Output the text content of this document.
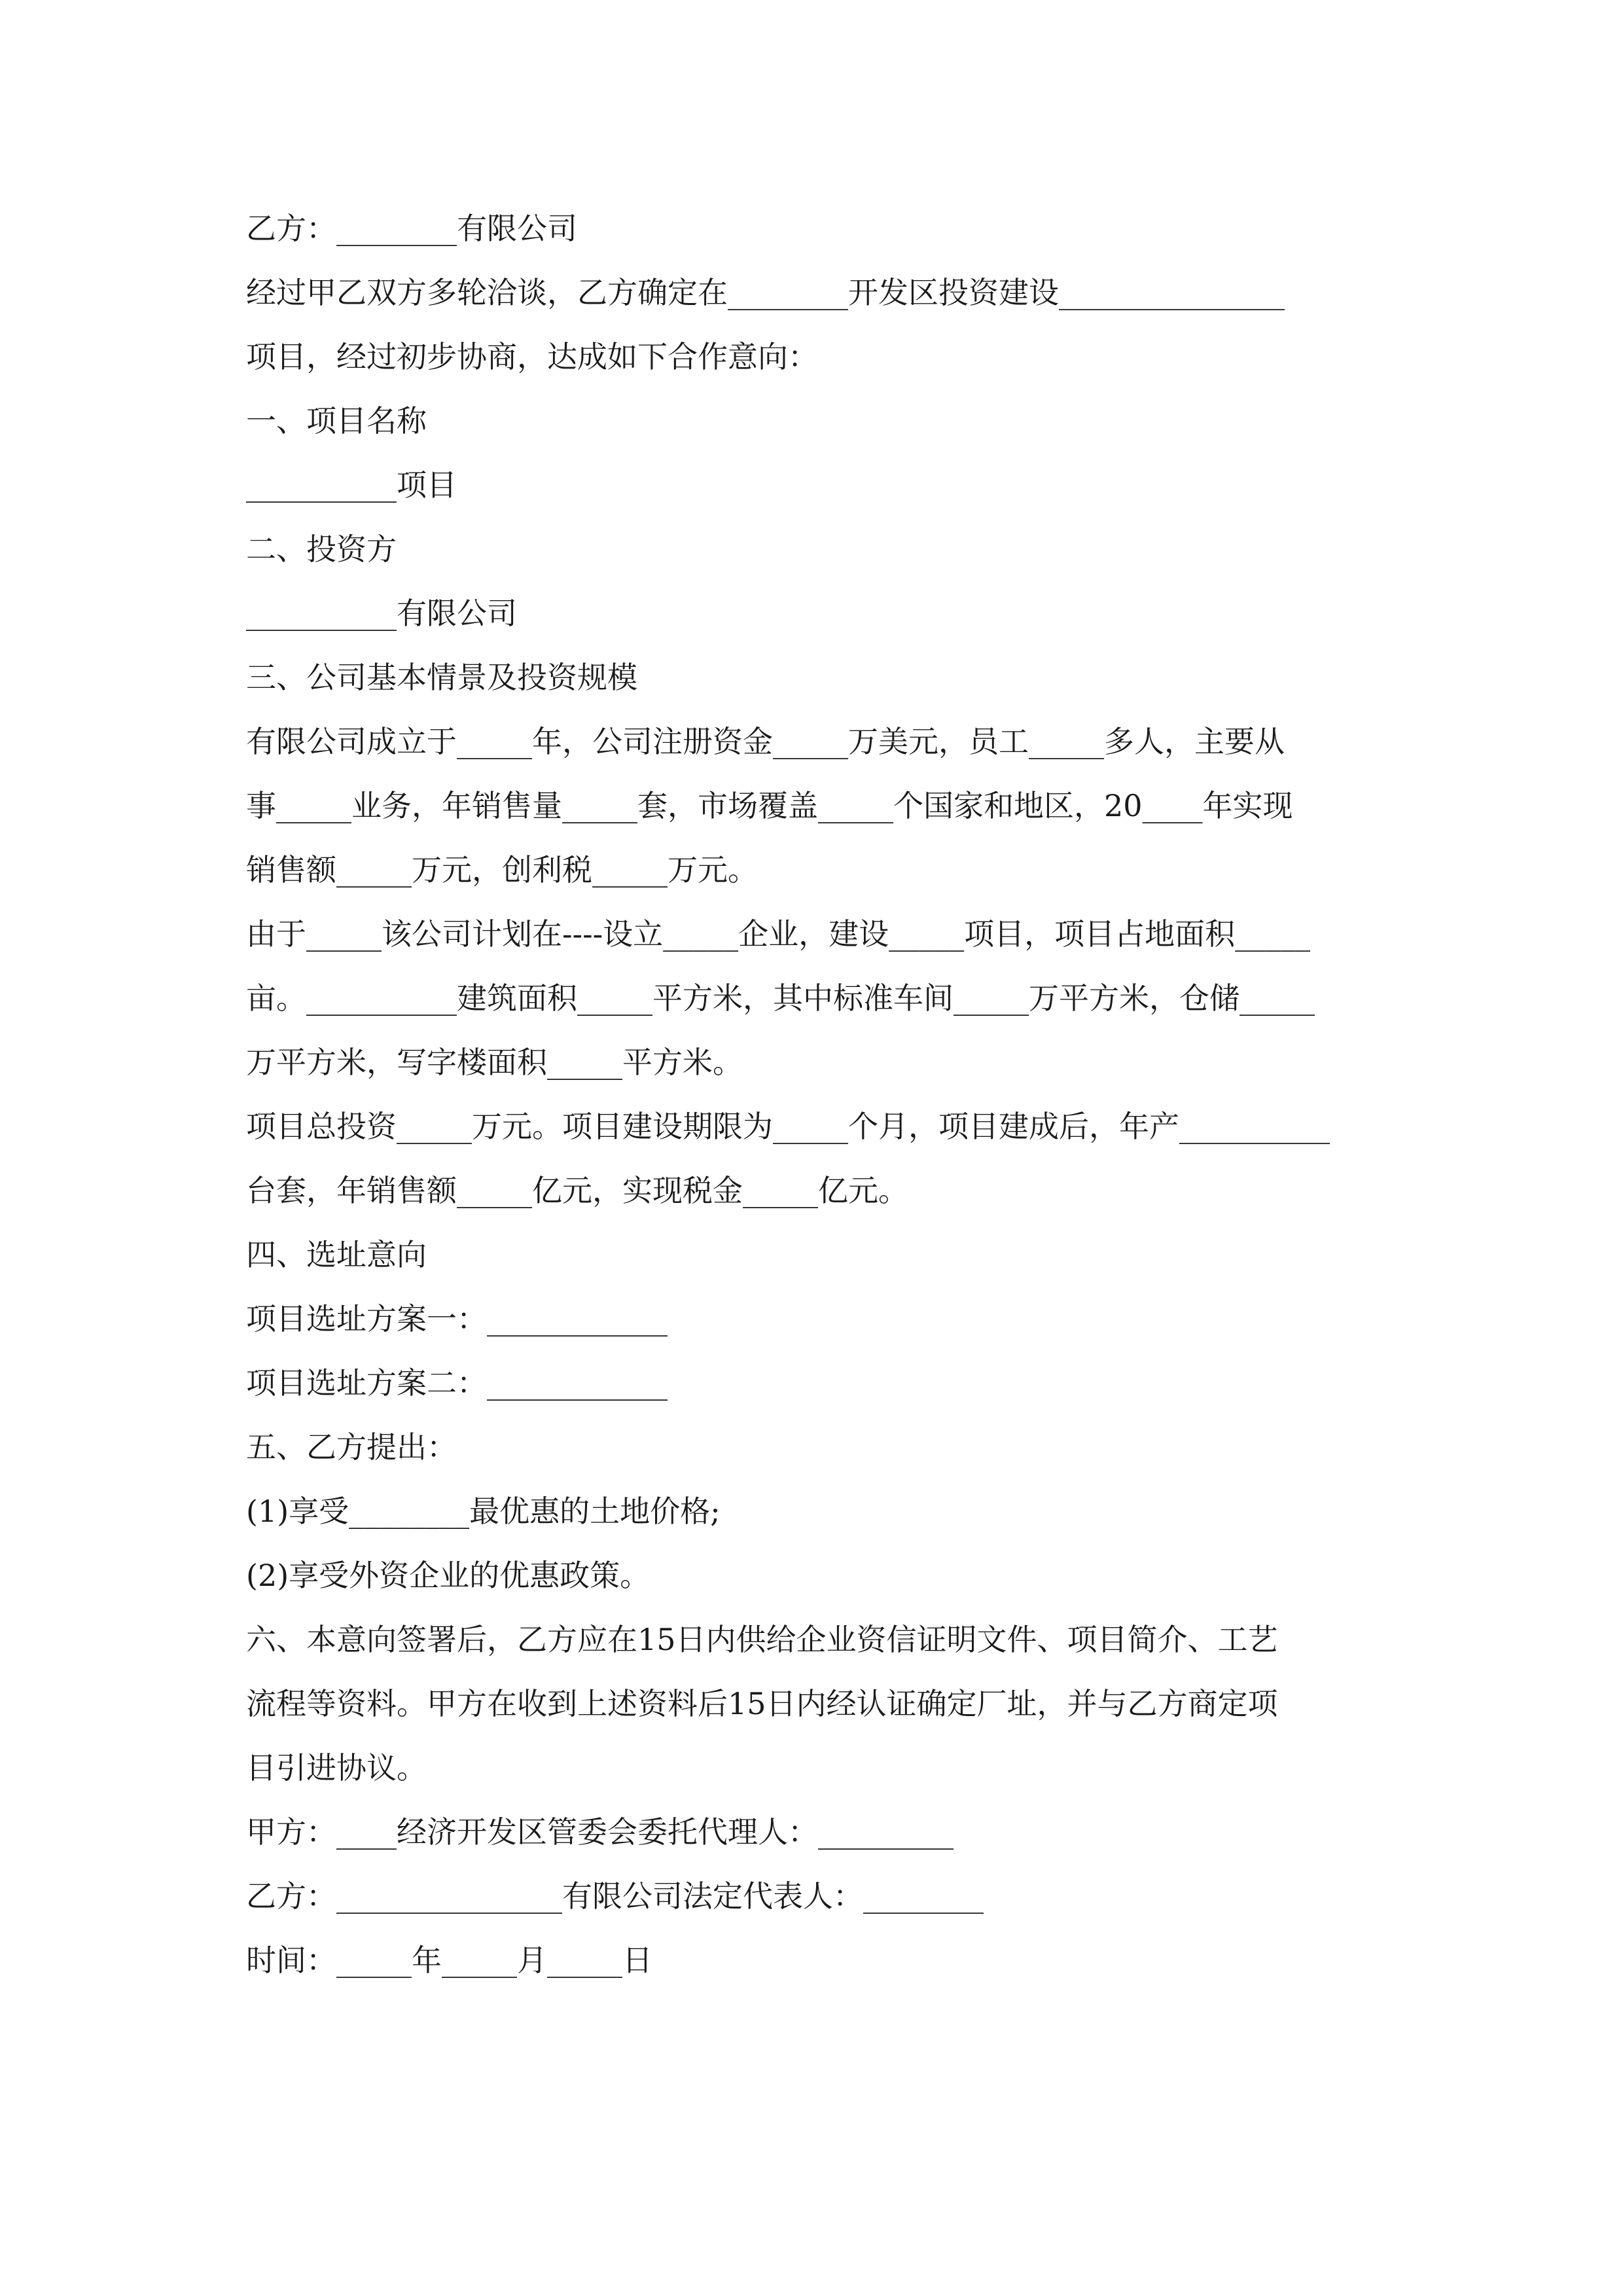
乙方：________有限公司

经过甲乙双方多轮洽谈，乙方确定在________开发区投资建设_______________

项目，经过初步协商，达成如下合作意向：

一、项目名称

__________项目

二、投资方

__________有限公司

三、公司基本情景及投资规模

有限公司成立于_____年，公司注册资金_____万美元，员工_____多人，主要从

事_____业务，年销售量_____套，市场覆盖_____个国家和地区，20____年实现

销售额_____万元，创利税_____万元。

由于_____该公司计划在----设立_____企业，建设_____项目，项目占地面积_____

亩。__________建筑面积_____平方米，其中标准车间_____万平方米，仓储_____

万平方米，写字楼面积_____平方米。

项目总投资_____万元。项目建设期限为_____个月，项目建成后，年产__________

台套，年销售额_____亿元，实现税金_____亿元。

四、选址意向

项目选址方案一：____________

项目选址方案二：____________

五、乙方提出：

(1)享受________最优惠的土地价格;

(2)享受外资企业的优惠政策。

六、本意向签署后，乙方应在15日内供给企业资信证明文件、项目简介、工艺

流程等资料。甲方在收到上述资料后15日内经认证确定厂址，并与乙方商定项

目引进协议。

甲方：____经济开发区管委会委托代理人：_________

乙方：_______________有限公司法定代表人：________

时间：_____年_____月_____日
